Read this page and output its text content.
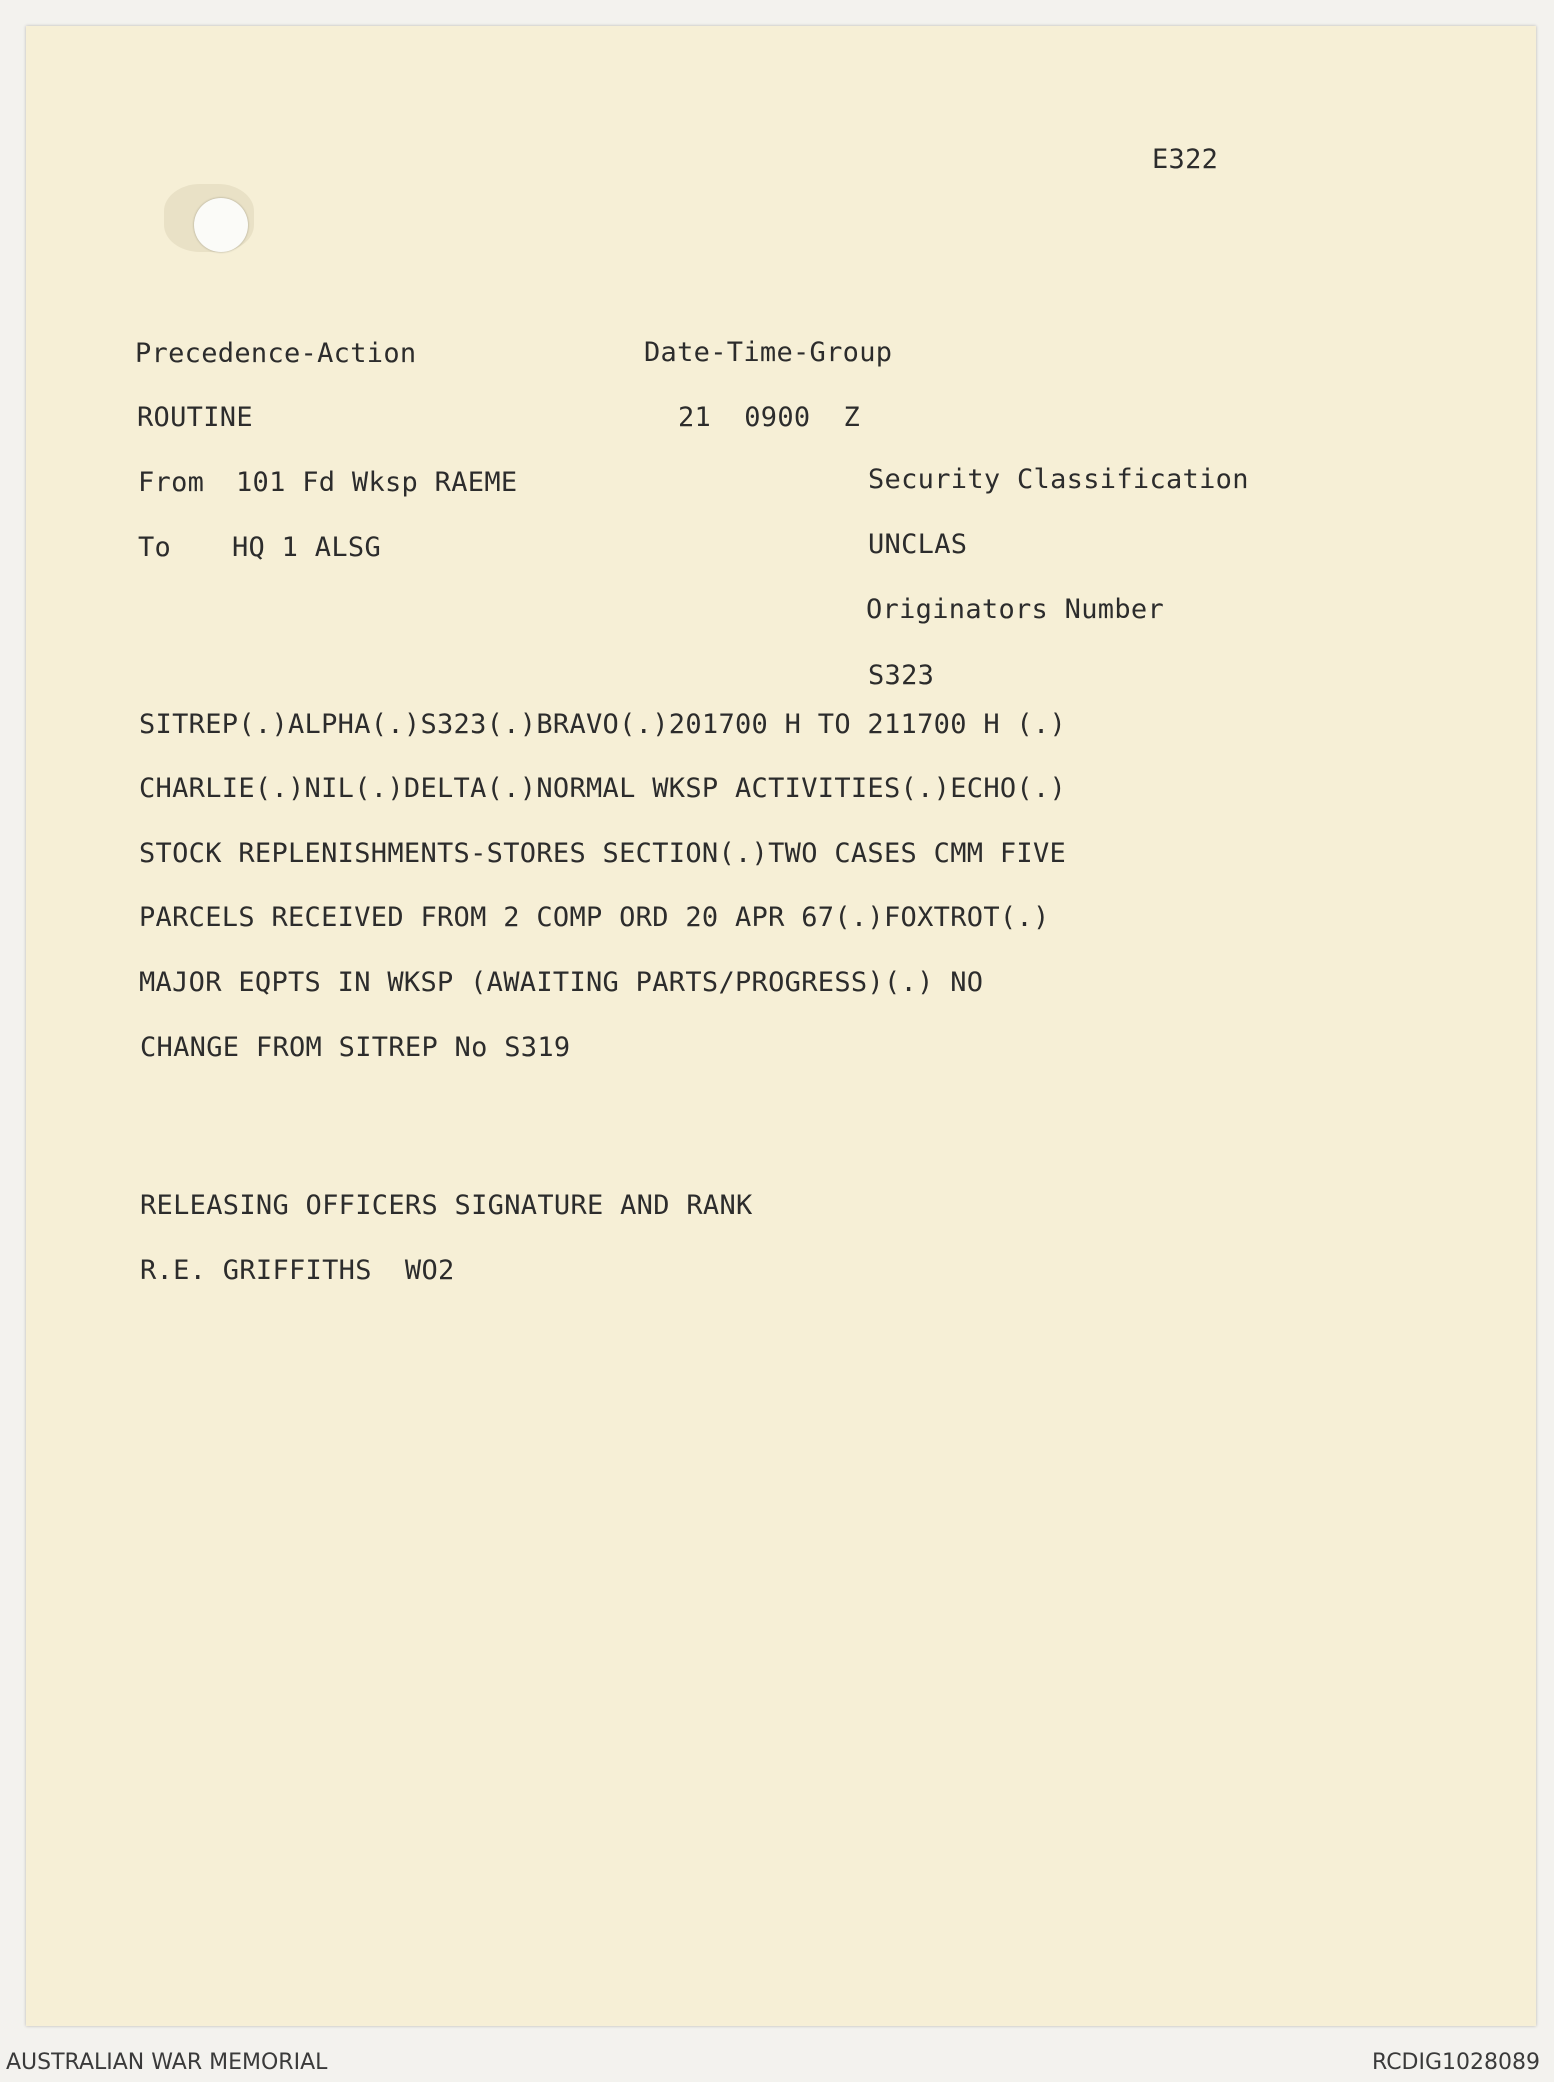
E322
Precedence-Action	Date-Time-Group
ROUTINE	21  0900  Z
From 101 Fd Wksp RAEME	Security Classification
To HQ 1 ALSG	UNCLAS
Originators Number
S323
SITREP(.)ALPHA(.)S323(.)BRAVO(.)201700 H TO 211700 H (.)
CHARLIE(.)NIL(.)DELTA(.)NORMAL WKSP ACTIVITIES(.)ECHO(.)
STOCK REPLENISHMENTS-STORES SECTION(.)TWO CASES CMM FIVE
PARCELS RECEIVED FROM 2 COMP ORD 20 APR 67(.)FOXTROT(.)
MAJOR EQPTS IN WKSP (AWAITING PARTS/PROGRESS)(.) NO
CHANGE FROM SITREP No S319
RELEASING OFFICERS SIGNATURE AND RANK
R.E. GRIFFITHS  WO2
AUSTRALIAN WAR MEMORIAL	RCDIG1028089
